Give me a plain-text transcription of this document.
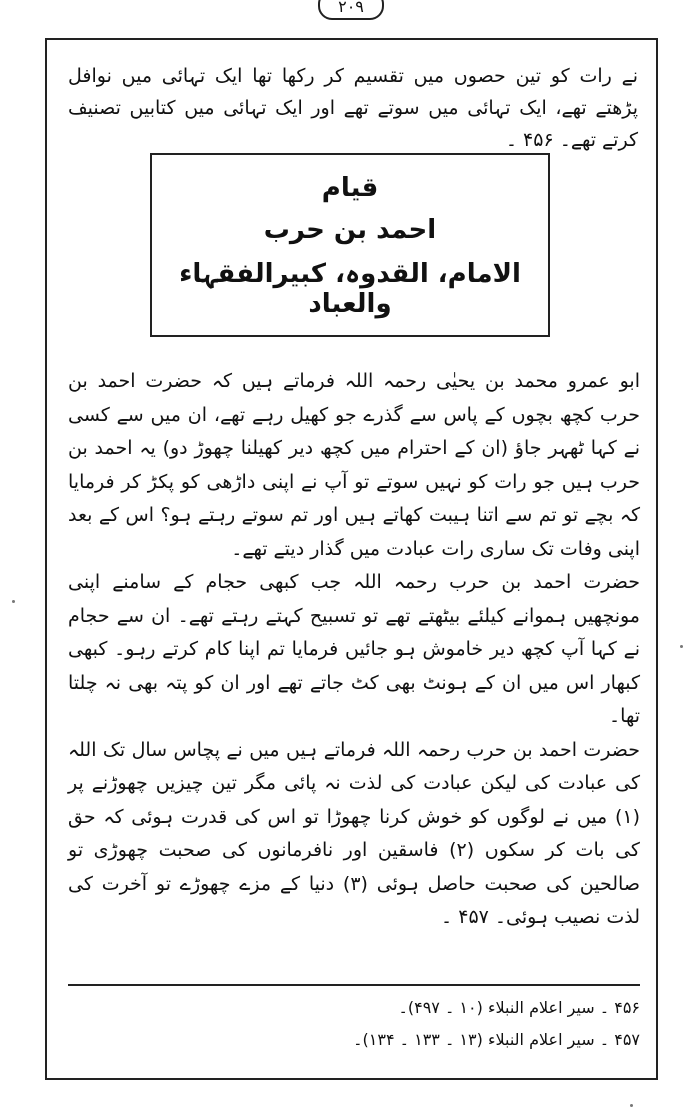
۲۰۹
نے رات کو تین حصوں میں تقسیم کر رکھا تھا ایک تہائی میں نوافل پڑھتے تھے، ایک تہائی میں سوتے تھے اور ایک تہائی میں کتابیں تصنیف کرتے تھے۔ ۴۵۶ ۔
قیام
احمد بن حرب
الامام، القدوہ، کبیرالفقہاء والعباد

ابو عمرو محمد بن یحیٰی رحمہ اللہ فرماتے ہیں کہ حضرت احمد بن حرب کچھ بچوں کے پاس سے گذرے جو کھیل رہے تھے، ان میں سے کسی نے کہا ٹھہر جاؤ (ان کے احترام میں کچھ دیر کھیلنا چھوڑ دو) یہ احمد بن حرب ہیں جو رات کو نہیں سوتے تو آپ نے اپنی داڑھی کو پکڑ کر فرمایا کہ بچے تو تم سے اتنا ہیبت کھاتے ہیں اور تم سوتے رہتے ہو؟ اس کے بعد اپنی وفات تک ساری رات عبادت میں گذار دیتے تھے۔

حضرت احمد بن حرب رحمہ اللہ جب کبھی حجام کے سامنے اپنی مونچھیں ہموانے کیلئے بیٹھتے تھے تو تسبیح کہتے رہتے تھے۔ ان سے حجام نے کہا آپ کچھ دیر خاموش ہو جائیں فرمایا تم اپنا کام کرتے رہو۔ کبھی کبھار اس میں ان کے ہونٹ بھی کٹ جاتے تھے اور ان کو پتہ بھی نہ چلتا تھا۔

حضرت احمد بن حرب رحمہ اللہ فرماتے ہیں میں نے پچاس سال تک اللہ کی عبادت کی لیکن عبادت کی لذت نہ پائی مگر تین چیزیں چھوڑنے پر (۱) میں نے لوگوں کو خوش کرنا چھوڑا تو اس کی قدرت ہوئی کہ حق کی بات کر سکوں (۲) فاسقین اور نافرمانوں کی صحبت چھوڑی تو صالحین کی صحبت حاصل ہوئی (۳) دنیا کے مزے چھوڑے تو آخرت کی لذت نصیب ہوئی۔ ۴۵۷ ۔

۴۵۶ ۔ سیر اعلام النبلاء (۱۰ ۔ ۴۹۷)۔
۴۵۷ ۔ سیر اعلام النبلاء (۱۳ ۔ ۱۳۳ ۔ ۱۳۴)۔
